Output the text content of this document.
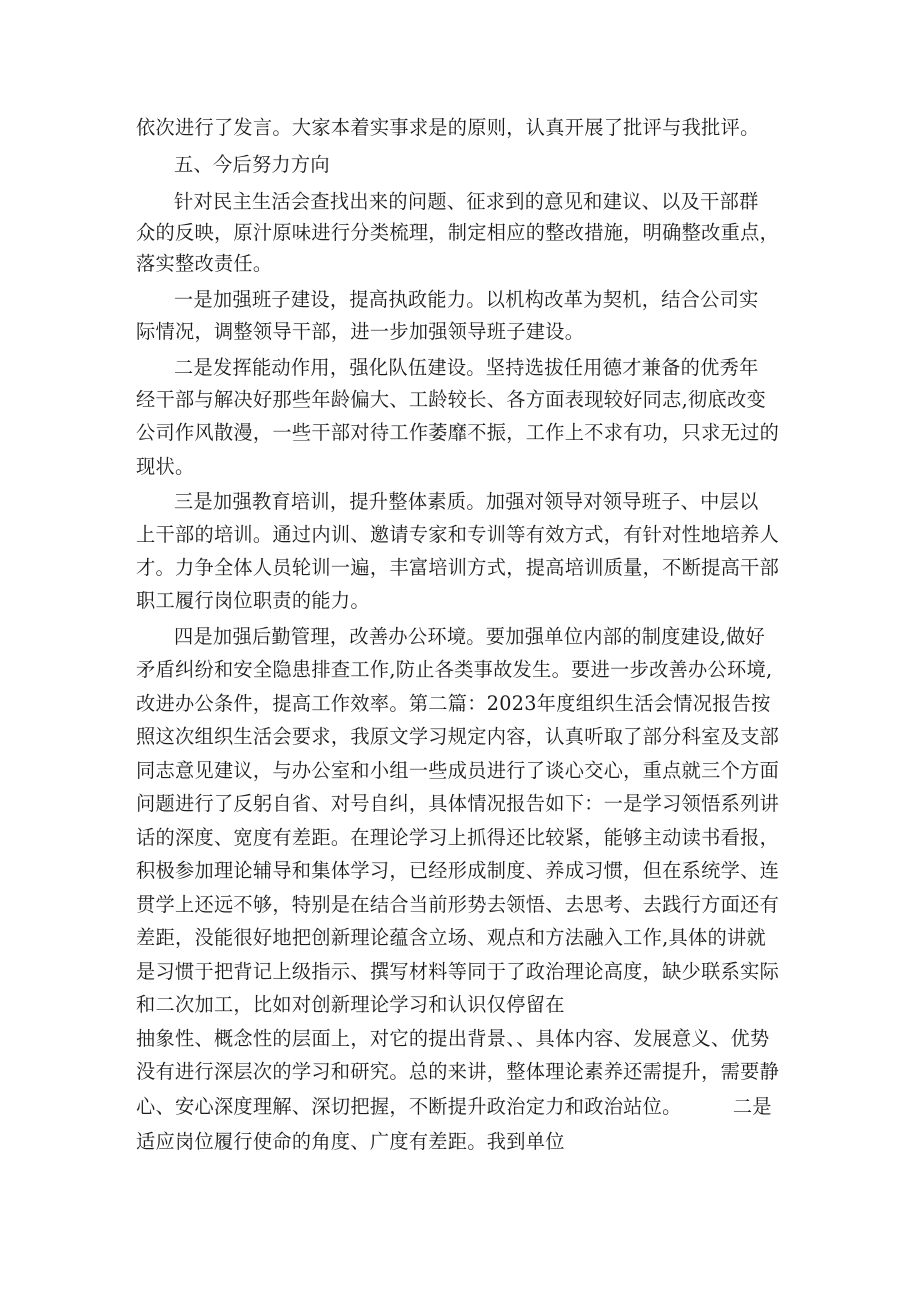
依次进行了发言。大家本着实事求是的原则，认真开展了批评与我批评。
五、今后努力方向
针对民主生活会查找出来的问题、征求到的意见和建议、以及干部群
众的反映，原汁原味进行分类梳理，制定相应的整改措施，明确整改重点，
落实整改责任。
一是加强班子建设，提高执政能力。以机构改革为契机，结合公司实
际情况，调整领导干部，进一步加强领导班子建设。
二是发挥能动作用，强化队伍建设。坚持选拔任用德才兼备的优秀年
经干部与解决好那些年龄偏大、工龄较长、各方面表现较好同志,彻底改变
公司作风散漫，一些干部对待工作萎靡不振，工作上不求有功，只求无过的
现状。
三是加强教育培训，提升整体素质。加强对领导对领导班子、中层以
上干部的培训。通过内训、邀请专家和专训等有效方式，有针对性地培养人
才。力争全体人员轮训一遍，丰富培训方式，提高培训质量，不断提高干部
职工履行岗位职责的能力。
四是加强后勤管理，改善办公环境。要加强单位内部的制度建设,做好
矛盾纠纷和安全隐患排查工作,防止各类事故发生。要进一步改善办公环境,
改进办公条件，提高工作效率。第二篇：2023年度组织生活会情况报告按
照这次组织生活会要求，我原文学习规定内容，认真听取了部分科室及支部
同志意见建议，与办公室和小组一些成员进行了谈心交心，重点就三个方面
问题进行了反躬自省、对号自纠，具体情况报告如下：一是学习领悟系列讲
话的深度、宽度有差距。在理论学习上抓得还比较紧，能够主动读书看报，
积极参加理论辅导和集体学习，已经形成制度、养成习惯，但在系统学、连
贯学上还远不够，特别是在结合当前形势去领悟、去思考、去践行方面还有
差距，没能很好地把创新理论蕴含立场、观点和方法融入工作,具体的讲就
是习惯于把背记上级指示、撰写材料等同于了政治理论高度，缺少联系实际
和二次加工，比如对创新理论学习和认识仅停留在
抽象性、概念性的层面上，对它的提出背景、、具体内容、发展意义、优势
没有进行深层次的学习和研究。总的来讲，整体理论素养还需提升，需要静
心、安心深度理解、深切把握，不断提升政治定力和政治站位。        二是
适应岗位履行使命的角度、广度有差距。我到单位
